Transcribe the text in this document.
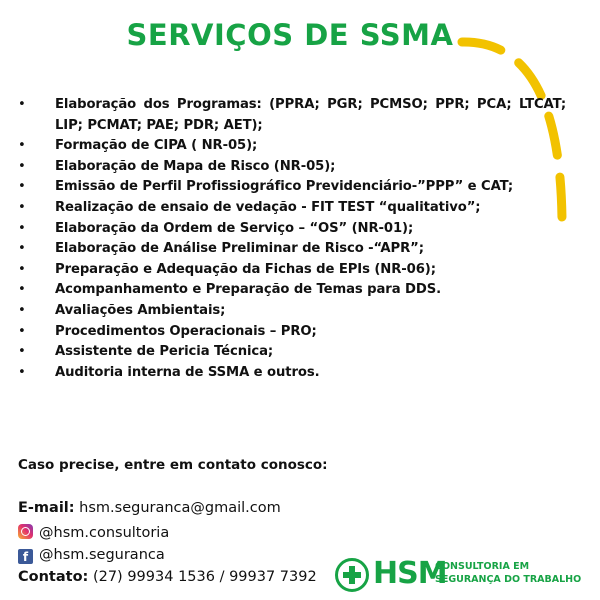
SERVIÇOS DE SSMA
• Elaboração dos Programas: (PPRA; PGR; PCMSO; PPR; PCA; LTCAT; LIP; PCMAT; PAE; PDR; AET);
• Formação de CIPA ( NR-05);
• Elaboração de Mapa de Risco (NR-05);
• Emissão de Perfil Profissiográfico Previdenciário-”PPP” e CAT;
• Realização de ensaio de vedação - FIT TEST “qualitativo”;
• Elaboração da Ordem de Serviço – “OS” (NR-01);
• Elaboração de Análise Preliminar de Risco -“APR”;
• Preparação e Adequação da Fichas de EPIs (NR-06);
• Acompanhamento e Preparação de Temas para DDS.
• Avaliações Ambientais;
• Procedimentos Operacionais – PRO;
• Assistente de Pericia Técnica;
• Auditoria interna de SSMA e outros.
Caso precise, entre em contato conosco:
E-mail: hsm.seguranca@gmail.com
@hsm.consultoria
f @hsm.seguranca
Contato: (27) 99934 1536 / 99937 7392 HSM
CONSULTORIA EM
SEGURANÇA DO TRABALHO
